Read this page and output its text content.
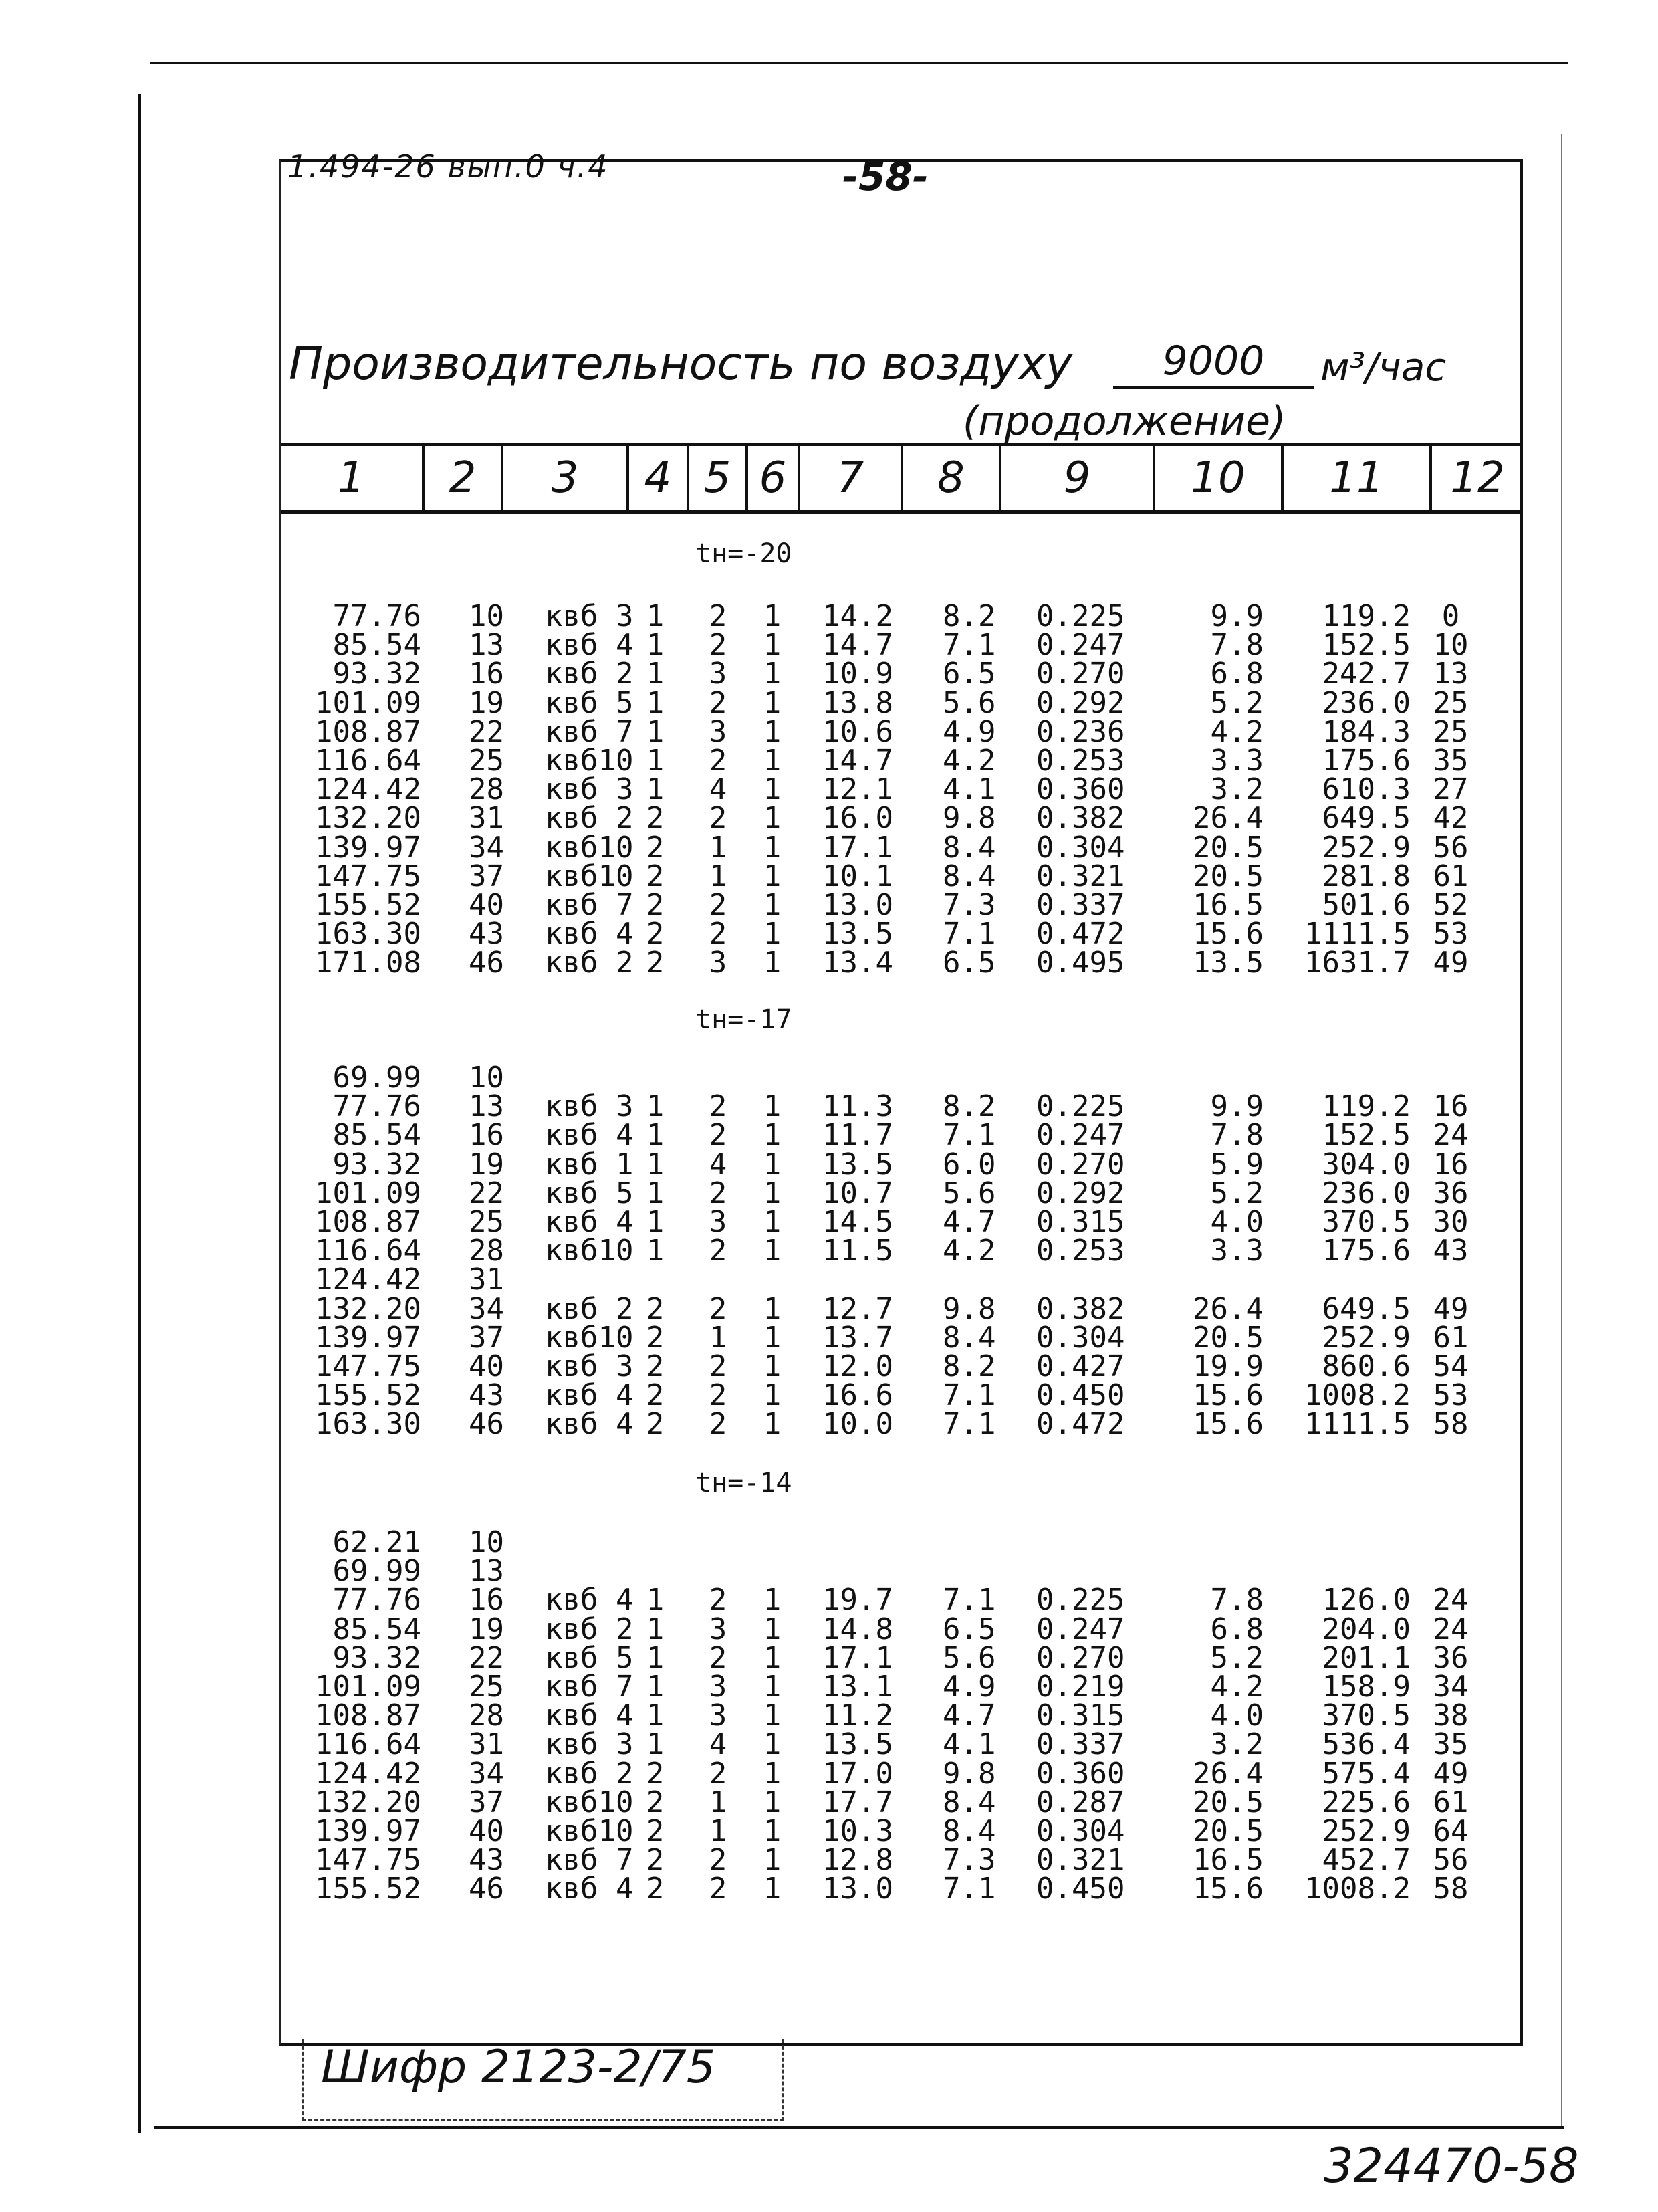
1.494-26 вып.0 ч.4	-58-
Производительность по воздуху	9000	м³/час
(продолжение)
1	2	3	4 5 6	7	8	9	10	11	12
tн=-20
77.76	10 квб 3 1 2 1 14.2	8.2	0.225	9.9	119.2	0
85.54	13 квб 4 1 2 1 14.7	7.1	0.247	7.8	152.5 10
93.32	16 квб 2 1 3 1 10.9	6.5	0.270	6.8	242.7 13
101.09	19 квб 5 1 2 1 13.8	5.6	0.292	5.2	236.0 25
108.87	22 квб 7 1 3 1 10.6	4.9	0.236	4.2	184.3 25
116.64	25 квб10 1 2 1 14.7	4.2	0.253	3.3	175.6 35
124.42	28 квб 3 1 4 1 12.1	4.1	0.360	3.2	610.3 27
132.20	31 квб 2 2 2 1 16.0	9.8	0.382	26.4	649.5 42
139.97	34 квб10 2 1 1 17.1	8.4	0.304	20.5	252.9 56
147.75	37 квб10 2 1 1 10.1	8.4	0.321	20.5	281.8 61
155.52	40 квб 7 2 2 1 13.0	7.3	0.337	16.5	501.6 52
163.30	43 квб 4 2 2 1 13.5	7.1	0.472	15.6	1111.5 53
171.08	46 квб 2 2 3 1 13.4	6.5	0.495	13.5	1631.7 49
tн=-17
69.99	10
77.76	13 квб 3 1 2 1 11.3	8.2	0.225	9.9	119.2 16
85.54	16 квб 4 1 2 1 11.7	7.1	0.247	7.8	152.5 24
93.32	19 квб 1 1 4 1 13.5	6.0	0.270	5.9	304.0 16
101.09	22 квб 5 1 2 1 10.7	5.6	0.292	5.2	236.0 36
108.87	25 квб 4 1 3 1 14.5	4.7	0.315	4.0	370.5 30
116.64	28 квб10 1 2 1 11.5	4.2	0.253	3.3	175.6 43
124.42	31
132.20	34 квб 2 2 2 1 12.7	9.8	0.382	26.4	649.5 49
139.97	37 квб10 2 1 1 13.7	8.4	0.304	20.5	252.9 61
147.75	40 квб 3 2 2 1 12.0	8.2	0.427	19.9	860.6 54
155.52	43 квб 4 2 2 1 16.6	7.1	0.450	15.6	1008.2 53
163.30	46 квб 4 2 2 1 10.0	7.1	0.472	15.6	1111.5 58
tн=-14
62.21	10
69.99	13
77.76	16 квб 4 1 2 1 19.7	7.1	0.225	7.8	126.0 24
85.54	19 квб 2 1 3 1 14.8	6.5	0.247	6.8	204.0 24
93.32	22 квб 5 1 2 1 17.1	5.6	0.270	5.2	201.1 36
101.09	25 квб 7 1 3 1 13.1	4.9	0.219	4.2	158.9 34
108.87	28 квб 4 1 3 1 11.2	4.7	0.315	4.0	370.5 38
116.64	31 квб 3 1 4 1 13.5	4.1	0.337	3.2	536.4 35
124.42	34 квб 2 2 2 1 17.0	9.8	0.360	26.4	575.4 49
132.20	37 квб10 2 1 1 17.7	8.4	0.287	20.5	225.6 61
139.97	40 квб10 2 1 1 10.3	8.4	0.304	20.5	252.9 64
147.75	43 квб 7 2 2 1 12.8	7.3	0.321	16.5	452.7 56
155.52	46 квб 4 2 2 1 13.0	7.1	0.450	15.6	1008.2 58
Шифр 2123-2/75
324470-58
